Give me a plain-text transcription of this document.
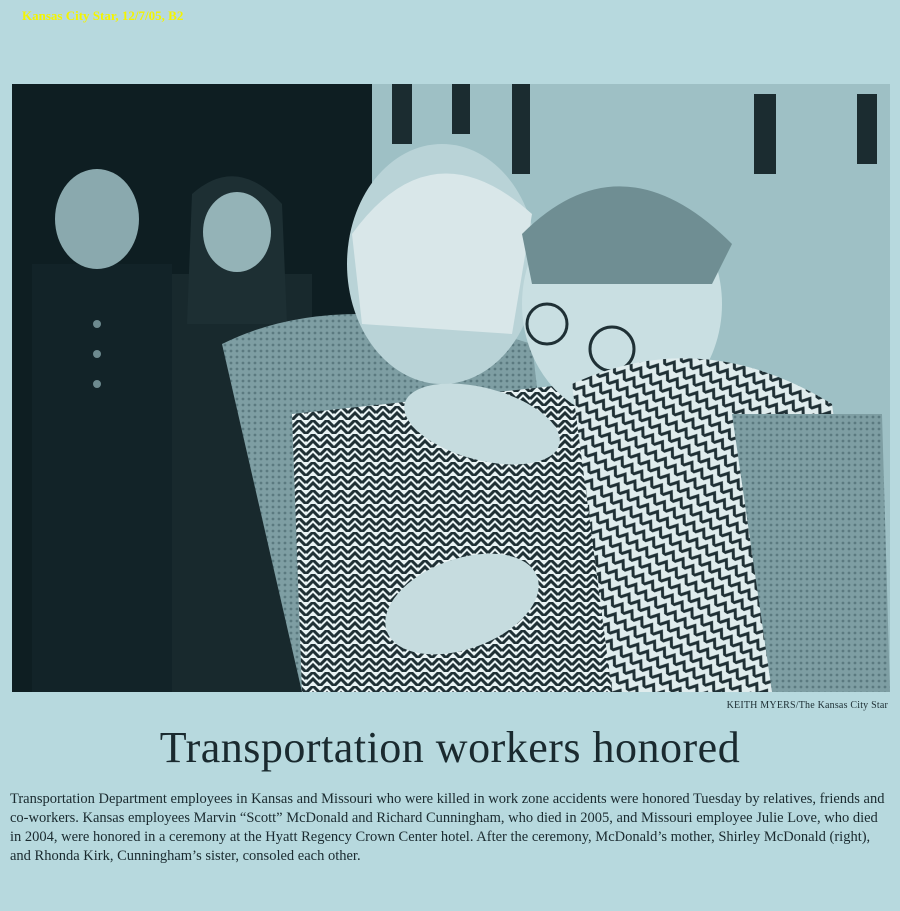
Kansas City Star, 12/7/05, B2
KEITH MYERS/The Kansas City Star
Transportation workers honored
Transportation Department employees in Kansas and Missouri who were killed in work zone accidents were honored Tuesday by relatives, friends and co-workers. Kansas employees Marvin “Scott” McDonald and Richard Cunningham, who died in 2005, and Missouri employee Julie Love, who died in 2004, were honored in a ceremony at the Hyatt Regency Crown Center hotel. After the ceremony, McDonald’s mother, Shirley McDonald (right), and Rhonda Kirk, Cunningham’s sister, consoled each other.
